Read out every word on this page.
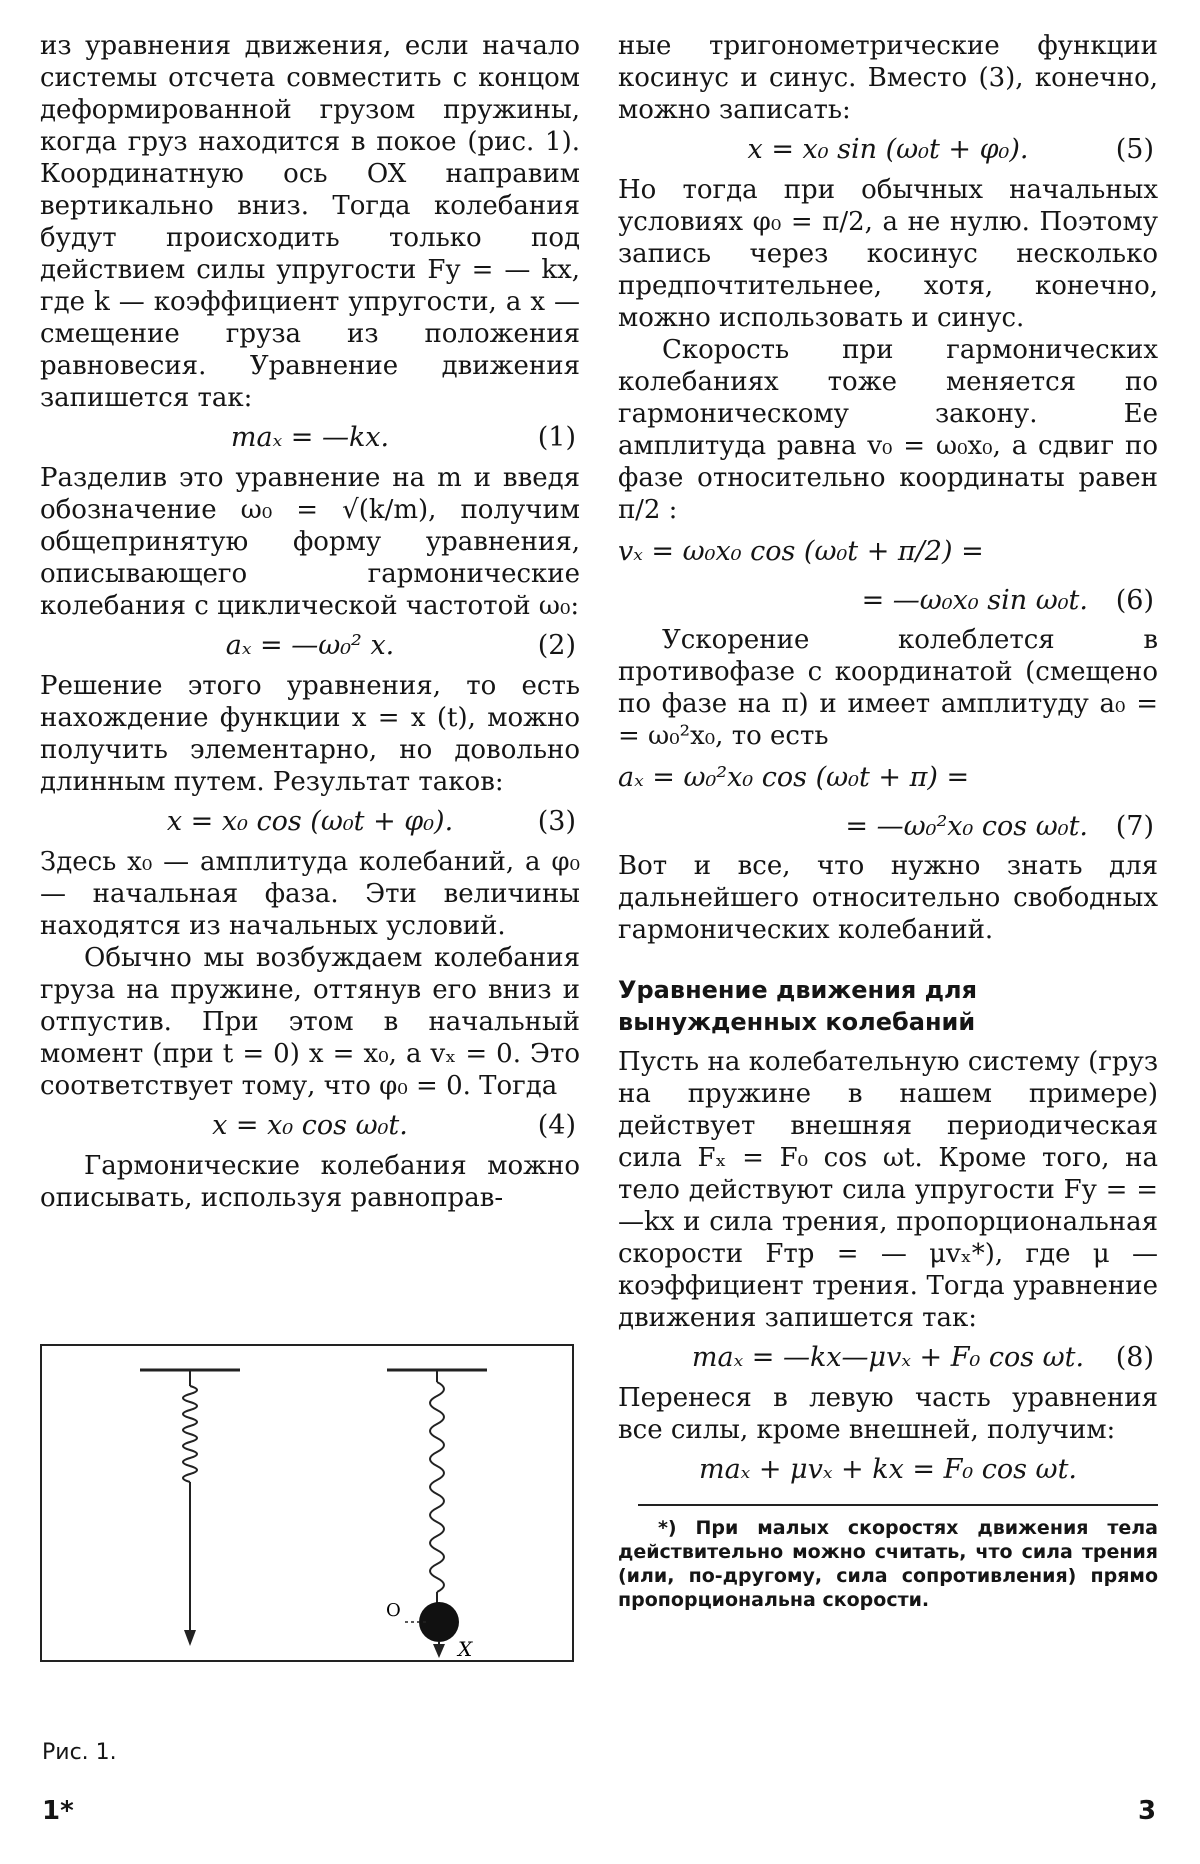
из уравнения движения, если начало системы отсчета совместить с концом деформированной грузом пружины, когда груз находится в покое (рис. 1). Координатную ось OX направим вертикально вниз. Тогда колебания будут происходить только под действием силы упругости Fу = — kx, где k — коэффициент упругости, а x — смещение груза из положения равновесия. Уравнение движения запишется так:

maₓ = —kx.	(1)

Разделив это уравнение на m и введя обозначение ω₀ = √(k/m), получим общепринятую форму уравнения, описывающего гармонические колебания с циклической частотой ω₀:

aₓ = —ω₀² x.	(2)

Решение этого уравнения, то есть нахождение функции x = x (t), можно получить элементарно, но довольно длинным путем. Результат таков:

x = x₀ cos (ω₀t + φ₀).	(3)

Здесь x₀ — амплитуда колебаний, а φ₀ — начальная фаза. Эти величины находятся из начальных условий.

Обычно мы возбуждаем колебания груза на пружине, оттянув его вниз и отпустив. При этом в начальный момент (при t = 0) x = x₀, а vₓ = 0. Это соответствует тому, что φ₀ = 0. Тогда

x = x₀ cos ω₀t.	(4)

Гармонические колебания можно описывать, используя равноправ-

ные тригонометрические функции косинус и синус. Вместо (3), конечно, можно записать:

x = x₀ sin (ω₀t + φ₀).	(5)

Но тогда при обычных начальных условиях φ₀ = π/2, а не нулю. Поэтому запись через косинус несколько предпочтительнее, хотя, конечно, можно использовать и синус.

Скорость при гармонических колебаниях тоже меняется по гармоническому закону. Ее амплитуда равна v₀ = ω₀x₀, а сдвиг по фазе относительно координаты равен π/2 :

vₓ = ω₀x₀ cos (ω₀t + π/2) =
= —ω₀x₀ sin ω₀t.	(6)

Ускорение колеблется в противофазе с координатой (смещено по фазе на π) и имеет амплитуду a₀ = = ω₀²x₀, то есть

aₓ = ω₀²x₀ cos (ω₀t + π) =
= —ω₀²x₀ cos ω₀t.	(7)

Вот и все, что нужно знать для дальнейшего относительно свободных гармонических колебаний.

Уравнение движения для вынужденных колебаний

Пусть на колебательную систему (груз на пружине в нашем примере) действует внешняя периодическая сила Fₓ = F₀ cos ωt. Кроме того, на тело действуют сила упругости Fу = = —kx и сила трения, пропорциональная скорости Fтр = — μvₓ*), где μ — коэффициент трения. Тогда уравнение движения запишется так:

maₓ = —kx—μvₓ + F₀ cos ωt. (8)

Перенеся в левую часть уравнения все силы, кроме внешней, получим:

maₓ + μvₓ + kx = F₀ cos ωt.

*) При малых скоростях движения тела действительно можно считать, что сила трения (или, по-другому, сила сопротивления) прямо пропорциональна скорости.

O
X
Рис. 1.
1*	3
